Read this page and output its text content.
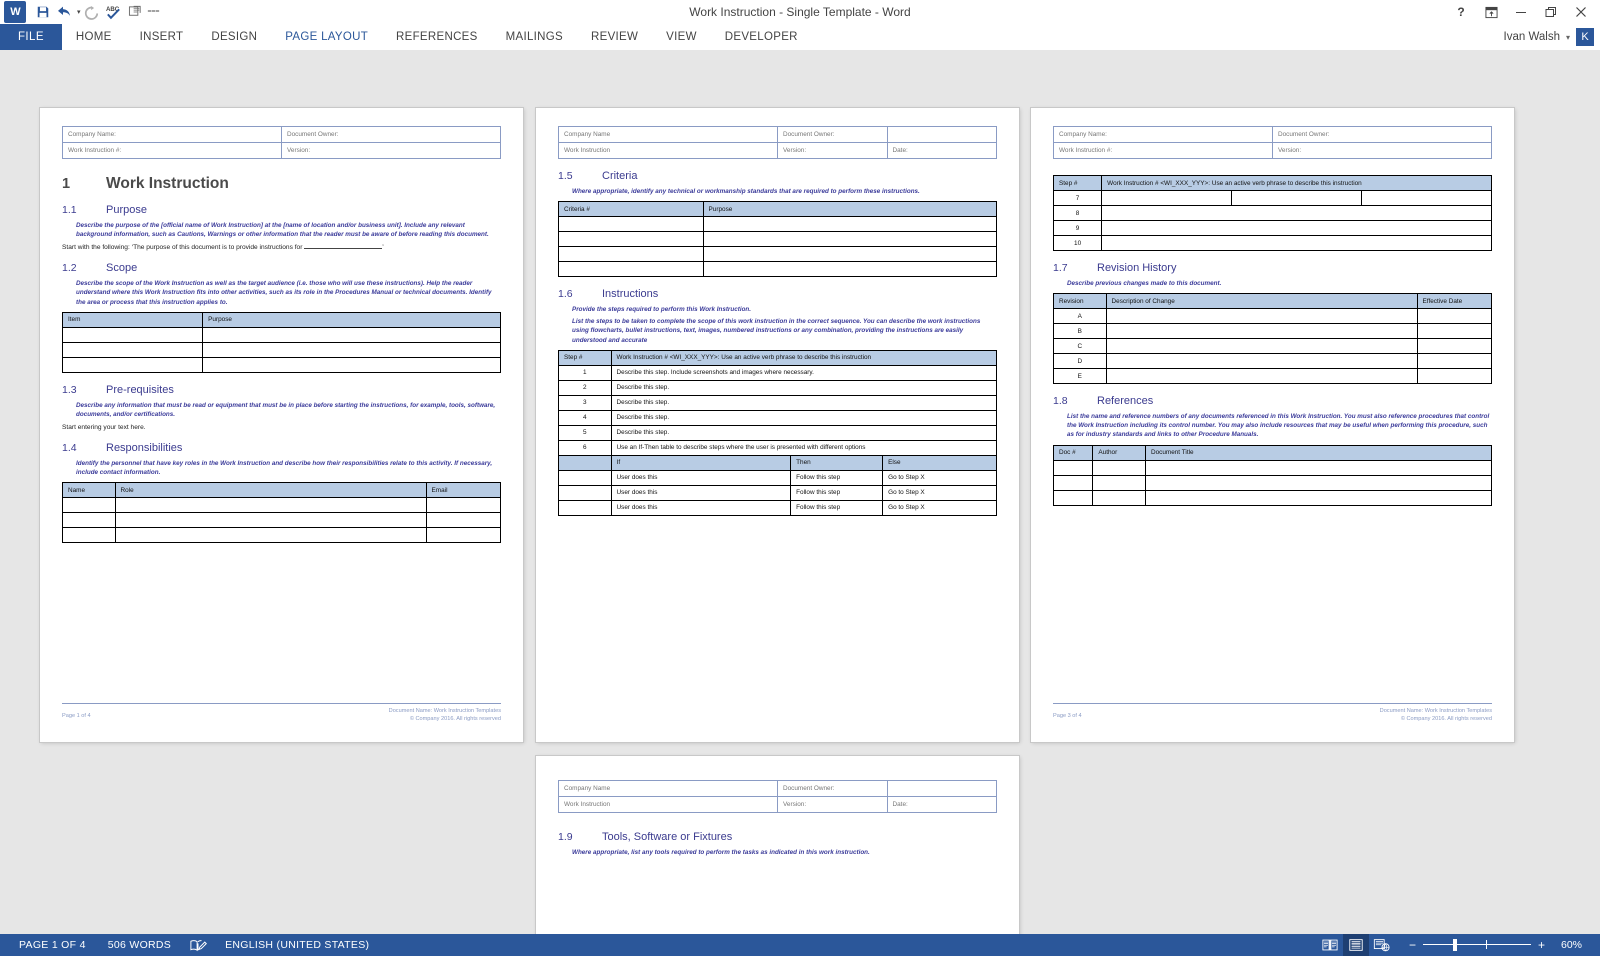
W	▾	ABC	⩶	Work Instruction - Single Template - Word	?
FILE	HOME	INSERT	DESIGN	PAGE LAYOUT	REFERENCES	MAILINGS	REVIEW	VIEW	DEVELOPER	Ivan Walsh ▾	K
Company Name:	Document Owner:
Work Instruction #:	Version:
1	Work Instruction
1.1	Purpose

Describe the purpose of the [official name of Work Instruction] at the [name of location and/or business unit]. Include any relevant background information, such as Cautions, Warnings or other information that the reader must be aware of before reading this document.

Start with the following: ‘The purpose of this document is to provide instructions for	’

1.2	Scope

Describe the scope of the Work Instruction as well as the target audience (i.e. those who will use these instructions). Help the reader understand where this Work Instruction fits into other activities, such as its role in the Procedures Manual or technical documents. Identify the area or process that this instruction applies to.

Item	Purpose

1.3	Pre-requisites

Describe any information that must be read or equipment that must be in place before starting the instructions, for example, tools, software, documents, and/or certifications.

Start entering your text here.

1.4	Responsibilities

Identify the personnel that have key roles in the Work Instruction and describe how their responsibilities relate to this activity. If necessary, include contact information.

Name	Role	Email

Page 1 of 4
Document Name: Work Instruction Templates
© Company 2016. All rights reserved
Company Name	Document Owner:	
Work Instruction	Version:	Date:
1.5	Criteria

Where appropriate, identify any technical or workmanship standards that are required to perform these instructions.

Criteria #	Purpose

1.6	Instructions

Provide the steps required to perform this Work Instruction.

List the steps to be taken to complete the scope of this work instruction in the correct sequence. You can describe the work instructions using flowcharts, bullet instructions, text, images, numbered instructions or any combination, providing the instructions are easily understood and accurate

Step #	Work Instruction # <WI_XXX_YYY>: Use an active verb phrase to describe this instruction
1	Describe this step. Include screenshots and images where necessary.
2	Describe this step.
3	Describe this step.
4	Describe this step.
5	Describe this step.
6	Use an If-Then table to describe steps where the user is presented with different options
	If	Then	Else
	User does this	Follow this step	Go to Step X
	User does this	Follow this step	Go to Step X
	User does this	Follow this step	Go to Step X
Company Name:	Document Owner:
Work Instruction #:	Version:
Step #	Work Instruction # <WI_XXX_YYY>: Use an active verb phrase to describe this instruction		
7			
8			
9			
10			
1.7	Revision History

Describe previous changes made to this document.

Revision	Description of Change	Effective Date
A		
B		
C		
D		
E		
1.8	References

List the name and reference numbers of any documents referenced in this Work Instruction. You must also reference procedures that control the Work Instruction including its control number. You may also include resources that may be useful when performing this procedure, such as for industry standards and links to other Procedure Manuals.

Doc #	Author	Document Title

Page 3 of 4
Document Name: Work Instruction Templates
© Company 2016. All rights reserved
Company Name	Document Owner:	
Work Instruction	Version:	Date:
1.9	Tools, Software or Fixtures

Where appropriate, list any tools required to perform the tasks as indicated in this work instruction.

PAGE 1 OF 4	506 WORDS	ENGLISH (UNITED STATES)	−	+	60%
